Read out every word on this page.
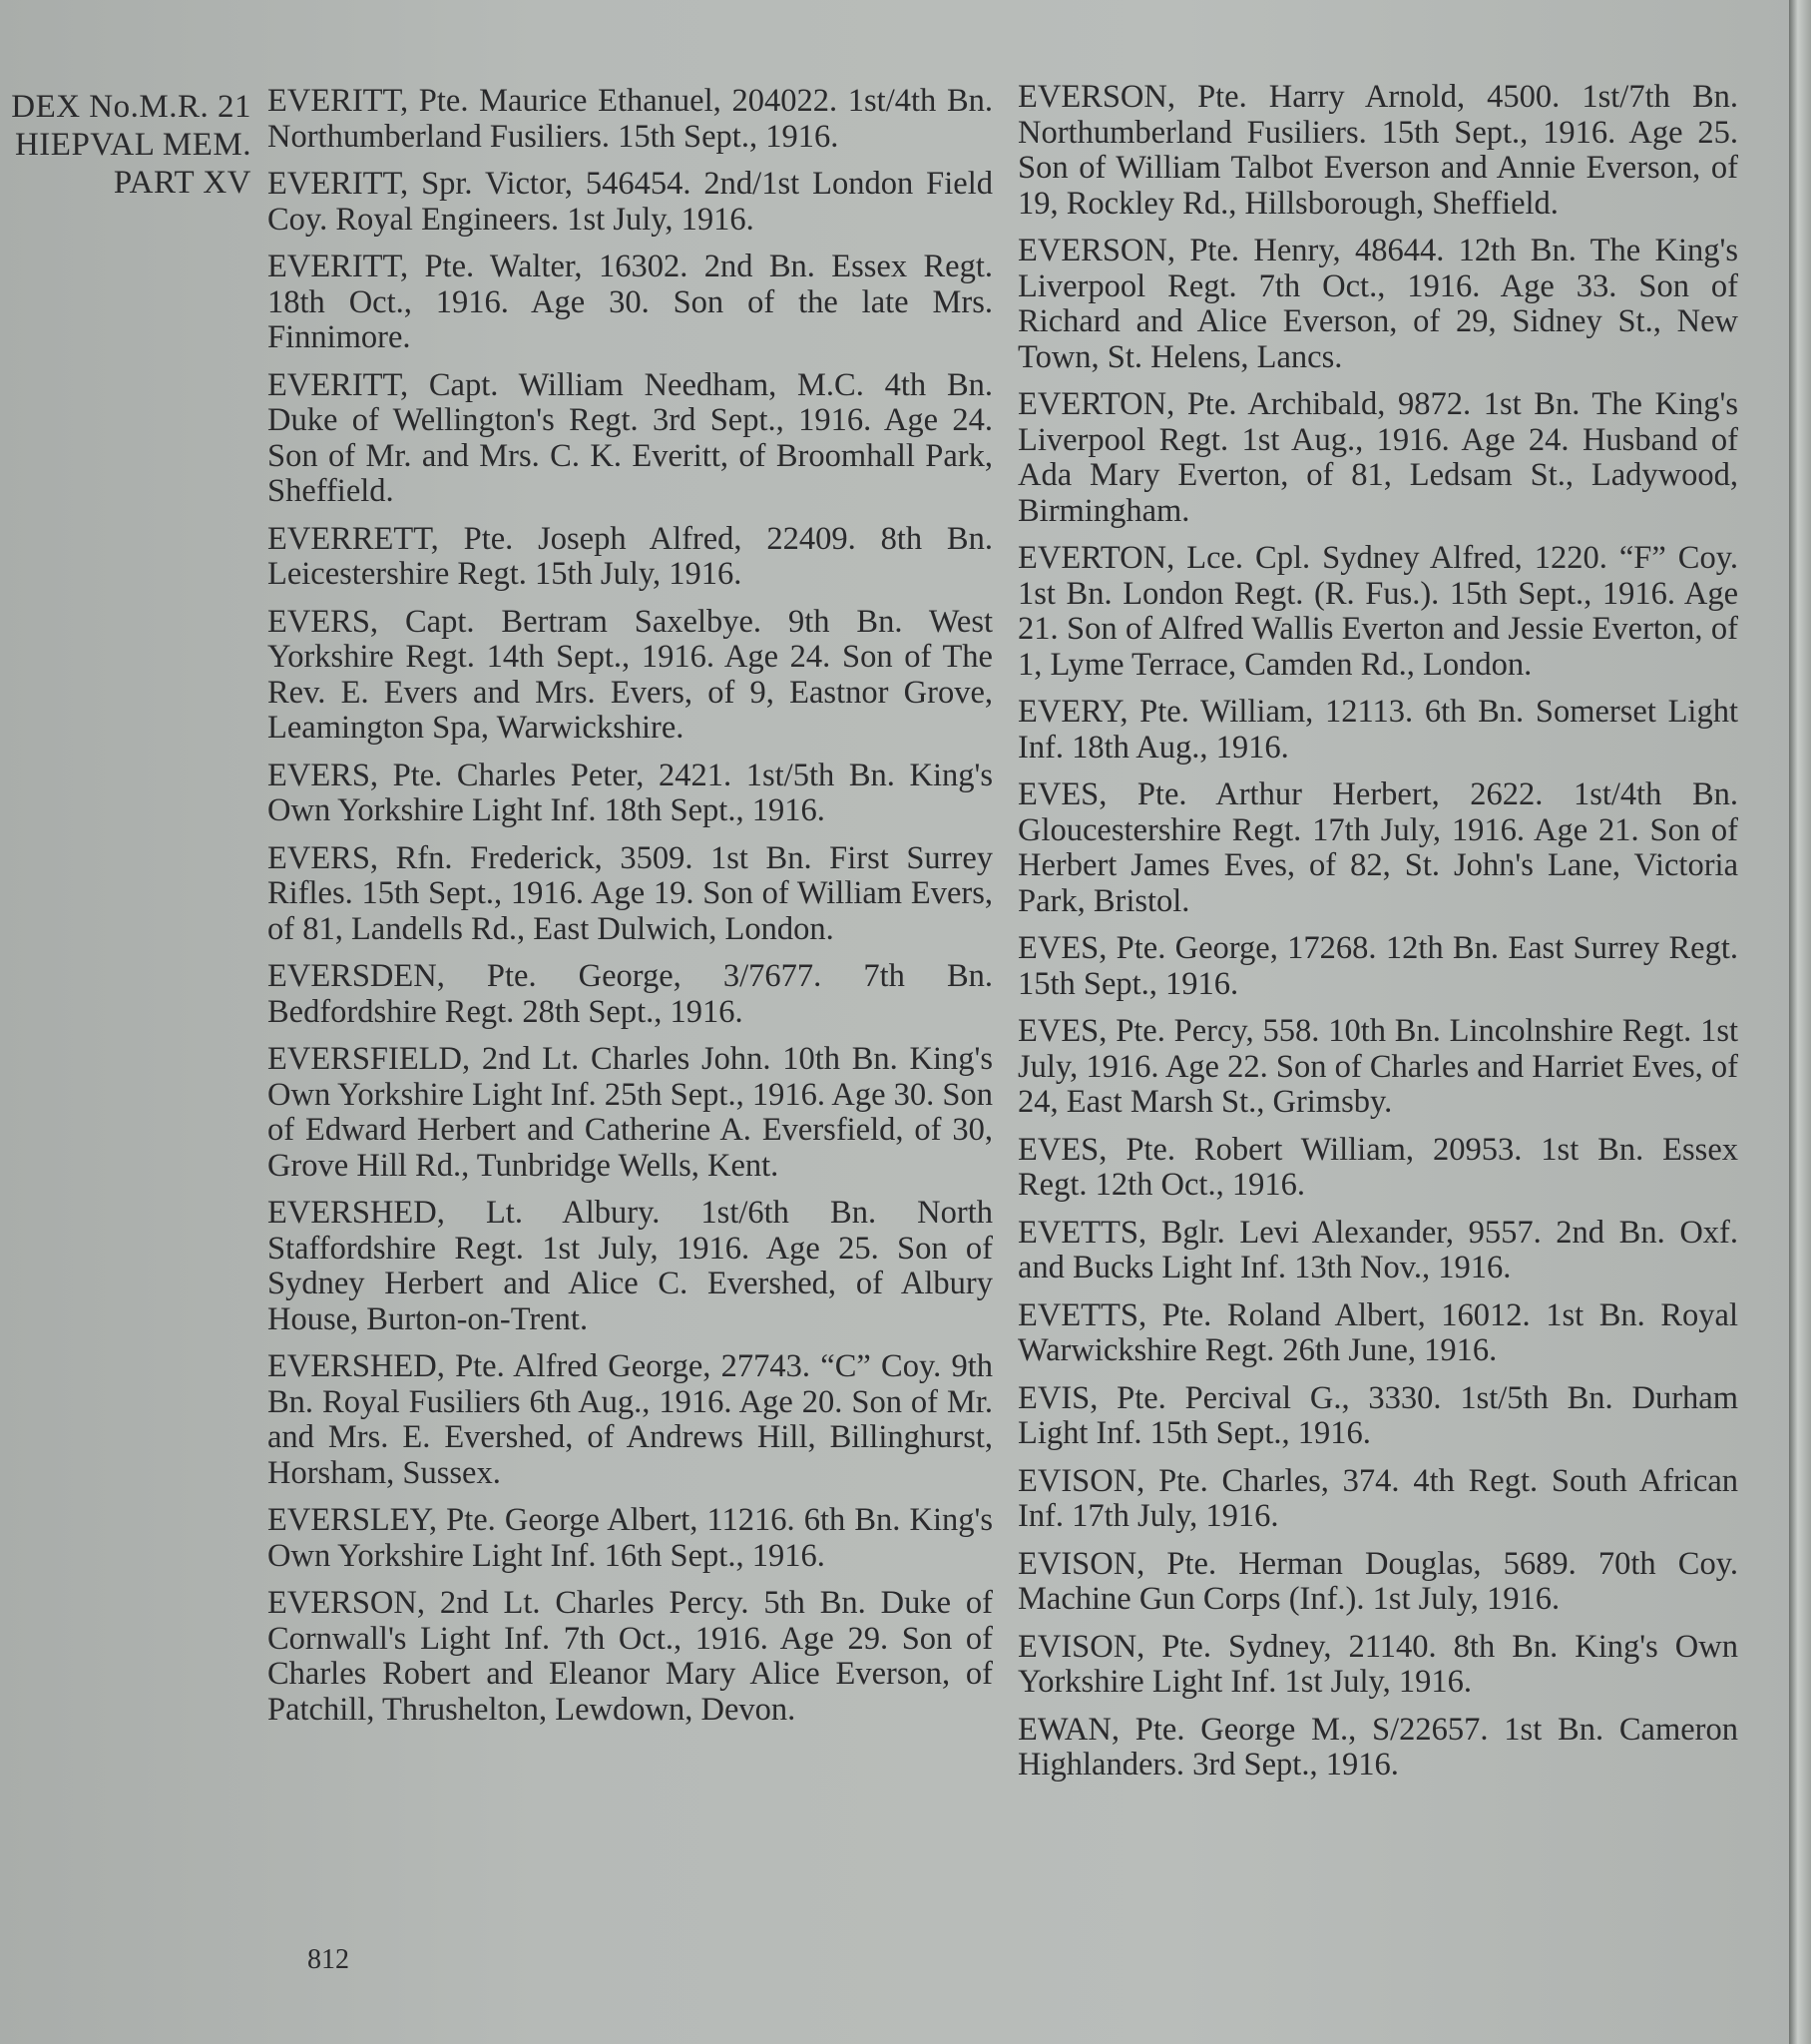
DEX No.M.R. 21
HIEPVAL MEM.
PART XV
EVERITT, Pte. Maurice Ethanuel, 204022. 1st/4th Bn. Northumberland Fusiliers. 15th Sept., 1916.
EVERITT, Spr. Victor, 546454. 2nd/1st London Field Coy. Royal Engineers. 1st July, 1916.
EVERITT, Pte. Walter, 16302. 2nd Bn. Essex Regt. 18th Oct., 1916. Age 30. Son of the late Mrs. Finnimore.
EVERITT, Capt. William Needham, M.C. 4th Bn. Duke of Wellington's Regt. 3rd Sept., 1916. Age 24. Son of Mr. and Mrs. C. K. Everitt, of Broomhall Park, Sheffield.
EVERRETT, Pte. Joseph Alfred, 22409. 8th Bn. Leicestershire Regt. 15th July, 1916.
EVERS, Capt. Bertram Saxelbye. 9th Bn. West Yorkshire Regt. 14th Sept., 1916. Age 24. Son of The Rev. E. Evers and Mrs. Evers, of 9, Eastnor Grove, Leamington Spa, Warwickshire.
EVERS, Pte. Charles Peter, 2421. 1st/5th Bn. King's Own Yorkshire Light Inf. 18th Sept., 1916.
EVERS, Rfn. Frederick, 3509. 1st Bn. First Surrey Rifles. 15th Sept., 1916. Age 19. Son of William Evers, of 81, Landells Rd., East Dulwich, London.
EVERSDEN, Pte. George, 3/7677. 7th Bn. Bedfordshire Regt. 28th Sept., 1916.
EVERSFIELD, 2nd Lt. Charles John. 10th Bn. King's Own Yorkshire Light Inf. 25th Sept., 1916. Age 30. Son of Edward Herbert and Catherine A. Eversfield, of 30, Grove Hill Rd., Tunbridge Wells, Kent.
EVERSHED, Lt. Albury. 1st/6th Bn. North Staffordshire Regt. 1st July, 1916. Age 25. Son of Sydney Herbert and Alice C. Evershed, of Albury House, Burton-on-Trent.
EVERSHED, Pte. Alfred George, 27743. “C” Coy. 9th Bn. Royal Fusiliers 6th Aug., 1916. Age 20. Son of Mr. and Mrs. E. Evershed, of Andrews Hill, Billinghurst, Horsham, Sussex.
EVERSLEY, Pte. George Albert, 11216. 6th Bn. King's Own Yorkshire Light Inf. 16th Sept., 1916.
EVERSON, 2nd Lt. Charles Percy. 5th Bn. Duke of Cornwall's Light Inf. 7th Oct., 1916. Age 29. Son of Charles Robert and Eleanor Mary Alice Everson, of Patchill, Thrushelton, Lewdown, Devon.
EVERSON, Pte. Harry Arnold, 4500. 1st/7th Bn. Northumberland Fusiliers. 15th Sept., 1916. Age 25. Son of William Talbot Everson and Annie Everson, of 19, Rockley Rd., Hillsborough, Sheffield.
EVERSON, Pte. Henry, 48644. 12th Bn. The King's Liverpool Regt. 7th Oct., 1916. Age 33. Son of Richard and Alice Everson, of 29, Sidney St., New Town, St. Helens, Lancs.
EVERTON, Pte. Archibald, 9872. 1st Bn. The King's Liverpool Regt. 1st Aug., 1916. Age 24. Husband of Ada Mary Everton, of 81, Ledsam St., Ladywood, Birmingham.
EVERTON, Lce. Cpl. Sydney Alfred, 1220. “F” Coy. 1st Bn. London Regt. (R. Fus.). 15th Sept., 1916. Age 21. Son of Alfred Wallis Everton and Jessie Everton, of 1, Lyme Terrace, Camden Rd., London.
EVERY, Pte. William, 12113. 6th Bn. Somerset Light Inf. 18th Aug., 1916.
EVES, Pte. Arthur Herbert, 2622. 1st/4th Bn. Gloucestershire Regt. 17th July, 1916. Age 21. Son of Herbert James Eves, of 82, St. John's Lane, Victoria Park, Bristol.
EVES, Pte. George, 17268. 12th Bn. East Surrey Regt. 15th Sept., 1916.
EVES, Pte. Percy, 558. 10th Bn. Lincolnshire Regt. 1st July, 1916. Age 22. Son of Charles and Harriet Eves, of 24, East Marsh St., Grimsby.
EVES, Pte. Robert William, 20953. 1st Bn. Essex Regt. 12th Oct., 1916.
EVETTS, Bglr. Levi Alexander, 9557. 2nd Bn. Oxf. and Bucks Light Inf. 13th Nov., 1916.
EVETTS, Pte. Roland Albert, 16012. 1st Bn. Royal Warwickshire Regt. 26th June, 1916.
EVIS, Pte. Percival G., 3330. 1st/5th Bn. Durham Light Inf. 15th Sept., 1916.
EVISON, Pte. Charles, 374. 4th Regt. South African Inf. 17th July, 1916.
EVISON, Pte. Herman Douglas, 5689. 70th Coy. Machine Gun Corps (Inf.). 1st July, 1916.
EVISON, Pte. Sydney, 21140. 8th Bn. King's Own Yorkshire Light Inf. 1st July, 1916.
EWAN, Pte. George M., S/22657. 1st Bn. Cameron Highlanders. 3rd Sept., 1916.
812
